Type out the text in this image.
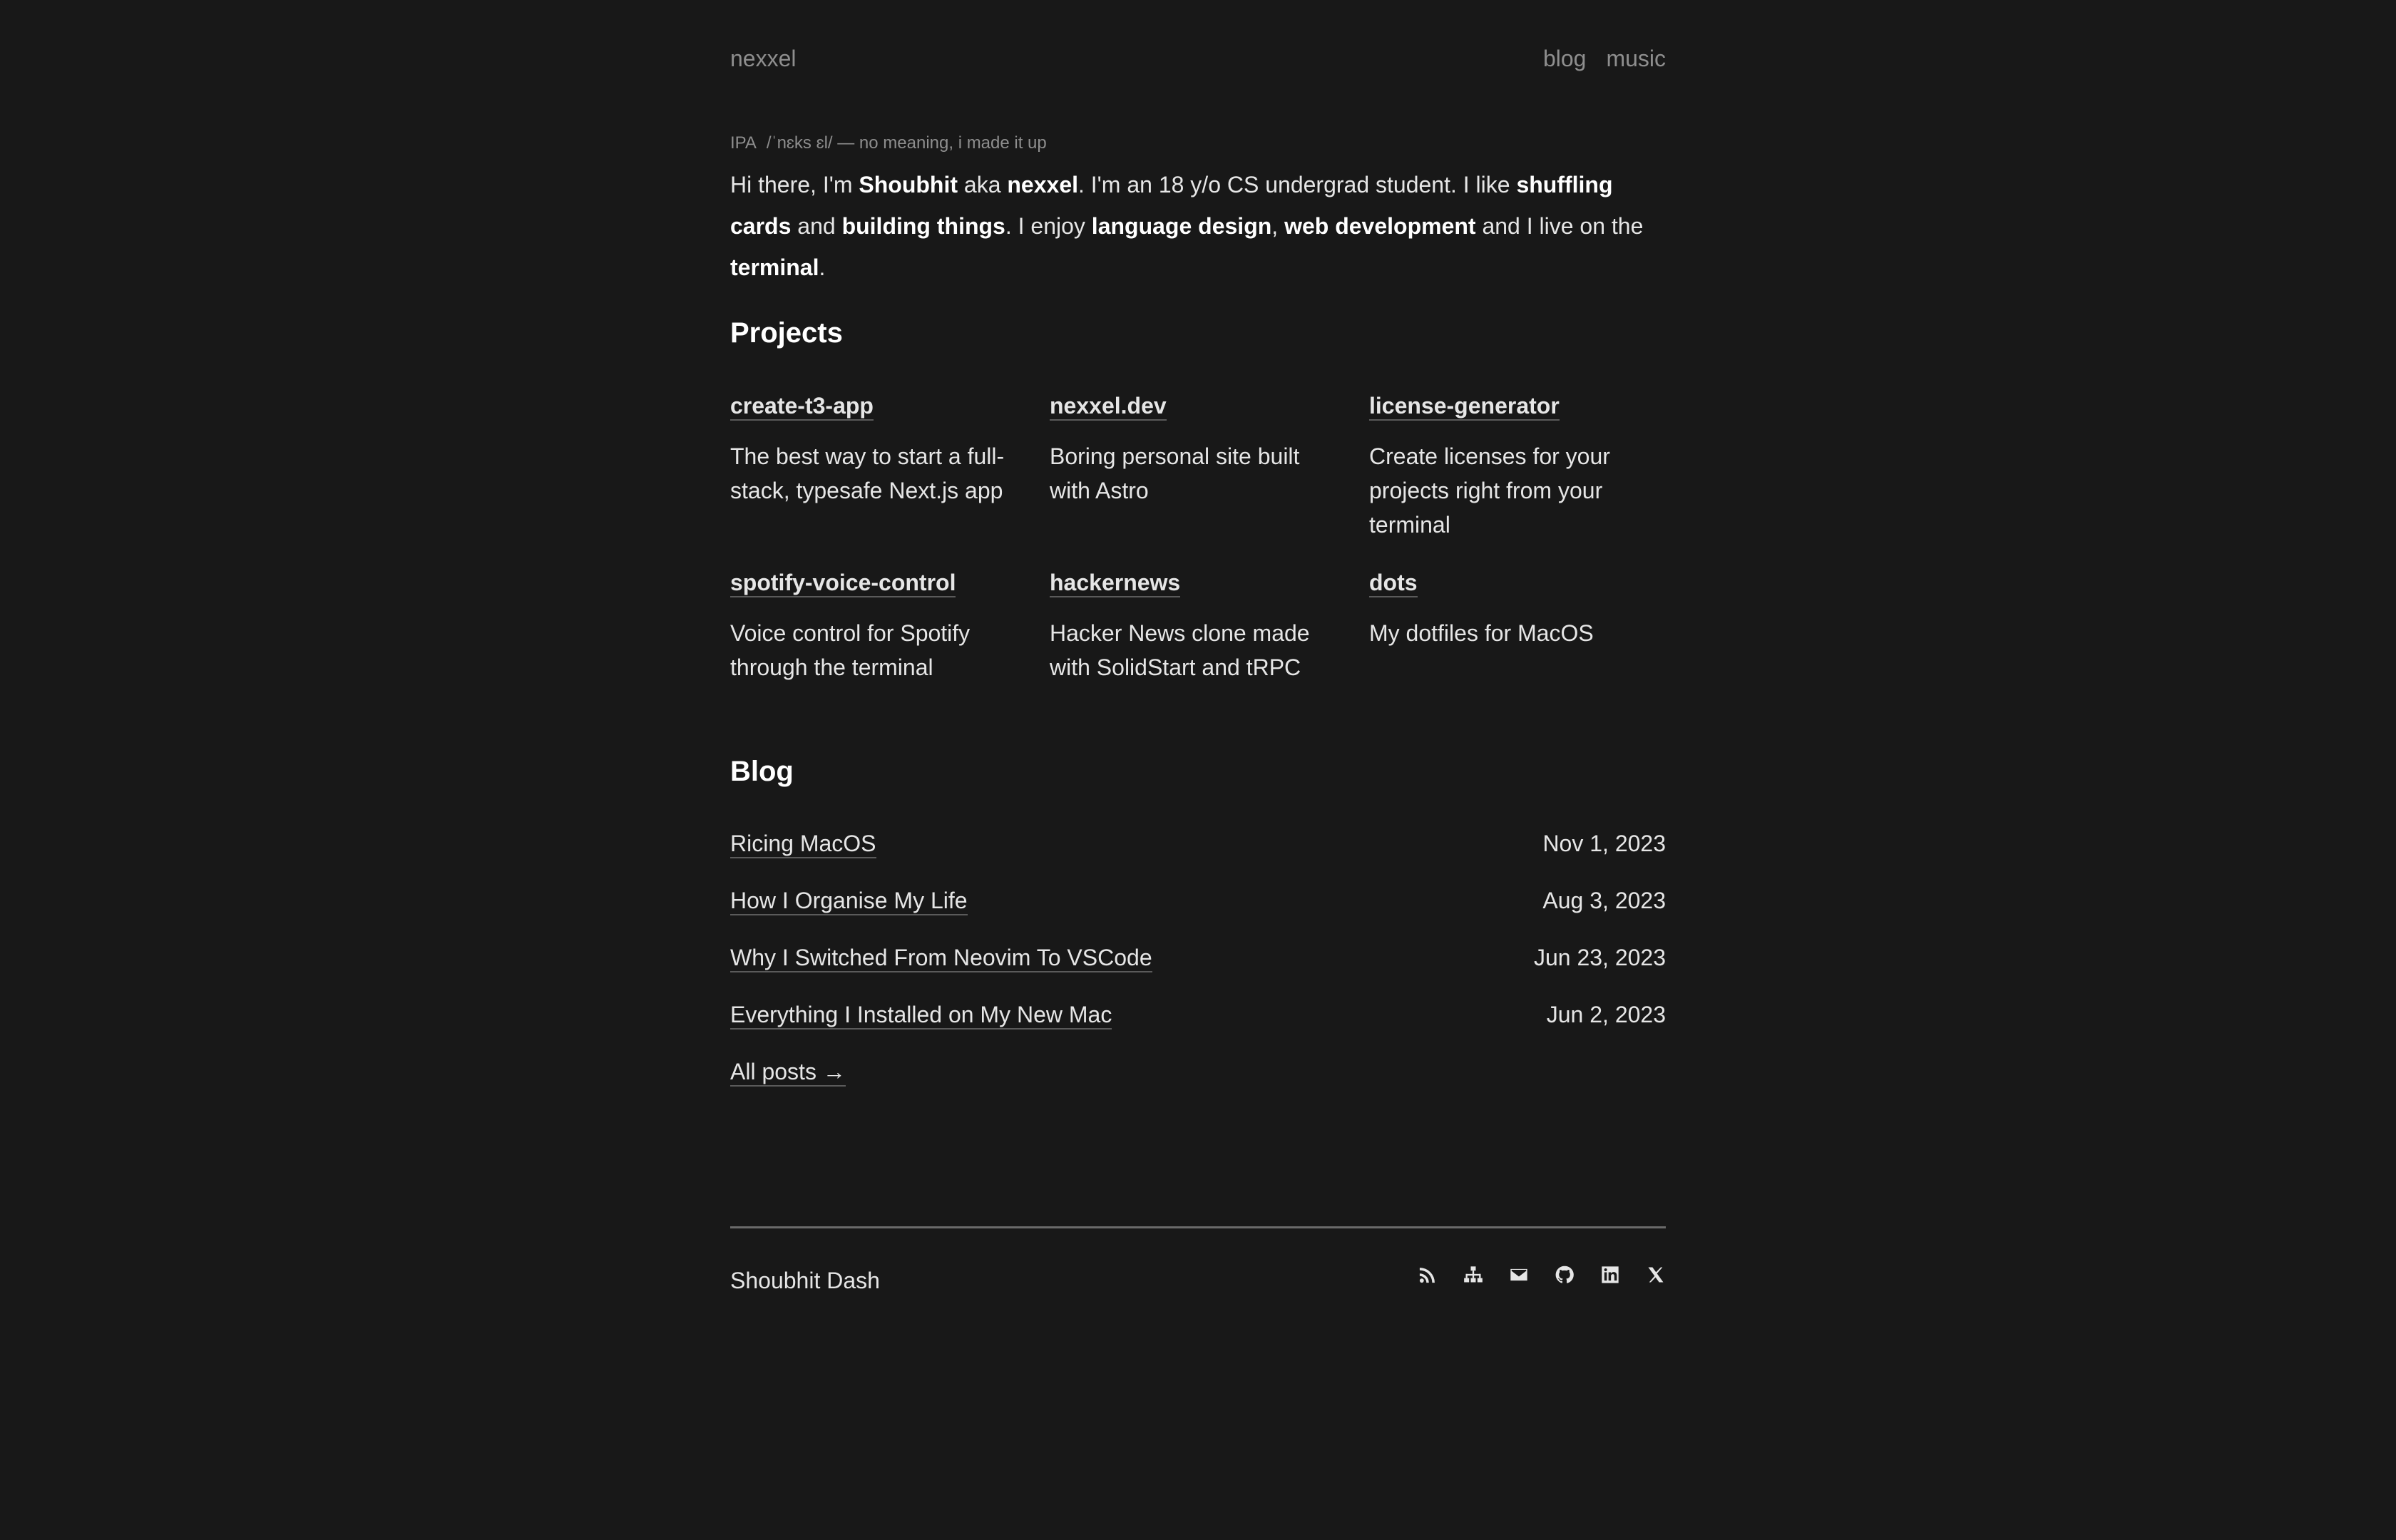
nexxel	blog music
IPA /ˈnɛks ɛl/ — no meaning, i made it up

Hi there, I'm Shoubhit aka nexxel. I'm an 18 y/o CS undergrad student. I like shuffling cards and building things. I enjoy language design, web development and I live on the terminal.

Projects
create-t3-app
The best way to start a full-stack, typesafe Next.js app
nexxel.dev
Boring personal site built with Astro
license-generator
Create licenses for your projects right from your terminal
spotify-voice-control
Voice control for Spotify through the terminal
hackernews
Hacker News clone made with SolidStart and tRPC
dots
My dotfiles for MacOS
Blog
Ricing MacOS	Nov 1, 2023
How I Organise My Life	Aug 3, 2023
Why I Switched From Neovim To VSCode	Jun 23, 2023
Everything I Installed on My New Mac	Jun 2, 2023
All posts →
Shoubhit Dash
